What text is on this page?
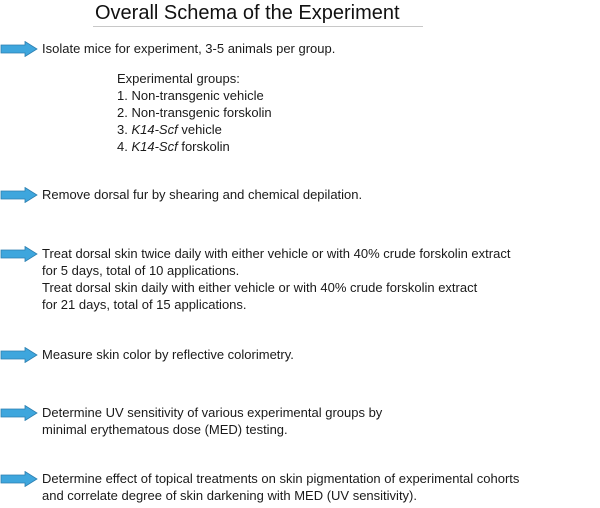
Overall Schema of the Experiment
Isolate mice for experiment, 3-5 animals per group.
Experimental groups:
1. Non-transgenic vehicle
2. Non-transgenic forskolin
3. K14-Scf vehicle
4. K14-Scf forskolin
Remove dorsal fur by shearing and chemical depilation.
Treat dorsal skin twice daily with either vehicle or with 40% crude forskolin extract
for 5 days, total of 10 applications.
Treat dorsal skin daily with either vehicle or with 40% crude forskolin extract
for 21 days, total of 15 applications.
Measure skin color by reflective colorimetry.
Determine UV sensitivity of various experimental groups by
minimal erythematous dose (MED) testing.
Determine effect of topical treatments on skin pigmentation of experimental cohorts
and correlate degree of skin darkening with MED (UV sensitivity).
